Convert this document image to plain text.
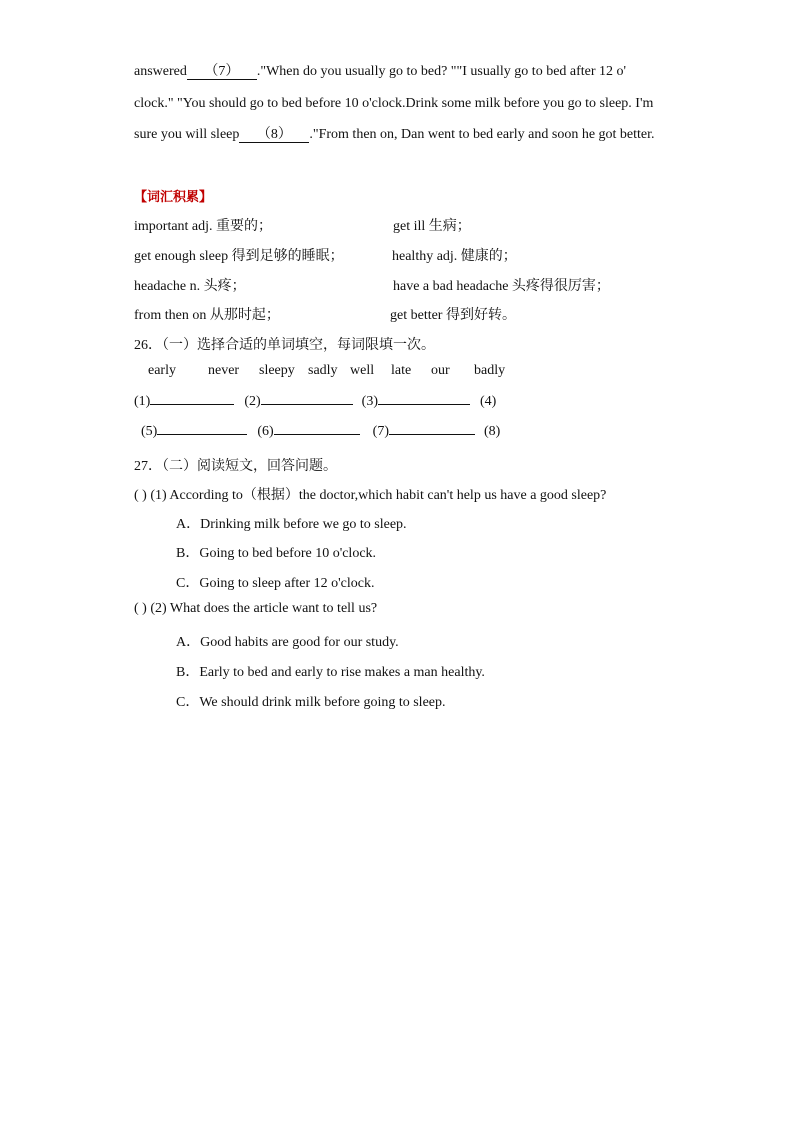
answered （7） ."When do you usually go to bed? ""I usually go to bed after 12 o'
clock." "You should go to bed before 10 o'clock.Drink some milk before you go to sleep. I'm
sure you will sleep （8） ."From then on, Dan went to bed early and soon he got better.
【词汇积累】
important adj. 重要的；	get ill 生病；
get enough sleep 得到足够的睡眠；	healthy adj. 健康的；
headache n. 头疼；	have a bad headache 头疼得很厉害；
from then on 从那时起；	get better 得到好转。
26．（一）选择合适的单词填空，每词限填一次。
early never sleepy sadly well late our badly
(1)	(2)	(3)	(4)
(5)	(6)	(7)	(8)
27．（二）阅读短文，回答问题。
( ) (1) According to（根据）the doctor,which habit can't help us have a good sleep?
A．Drinking milk before we go to sleep.
B．Going to bed before 10 o'clock.
C．Going to sleep after 12 o'clock.
( ) (2) What does the article want to tell us?
A．Good habits are good for our study.
B．Early to bed and early to rise makes a man healthy.
C．We should drink milk before going to sleep.
